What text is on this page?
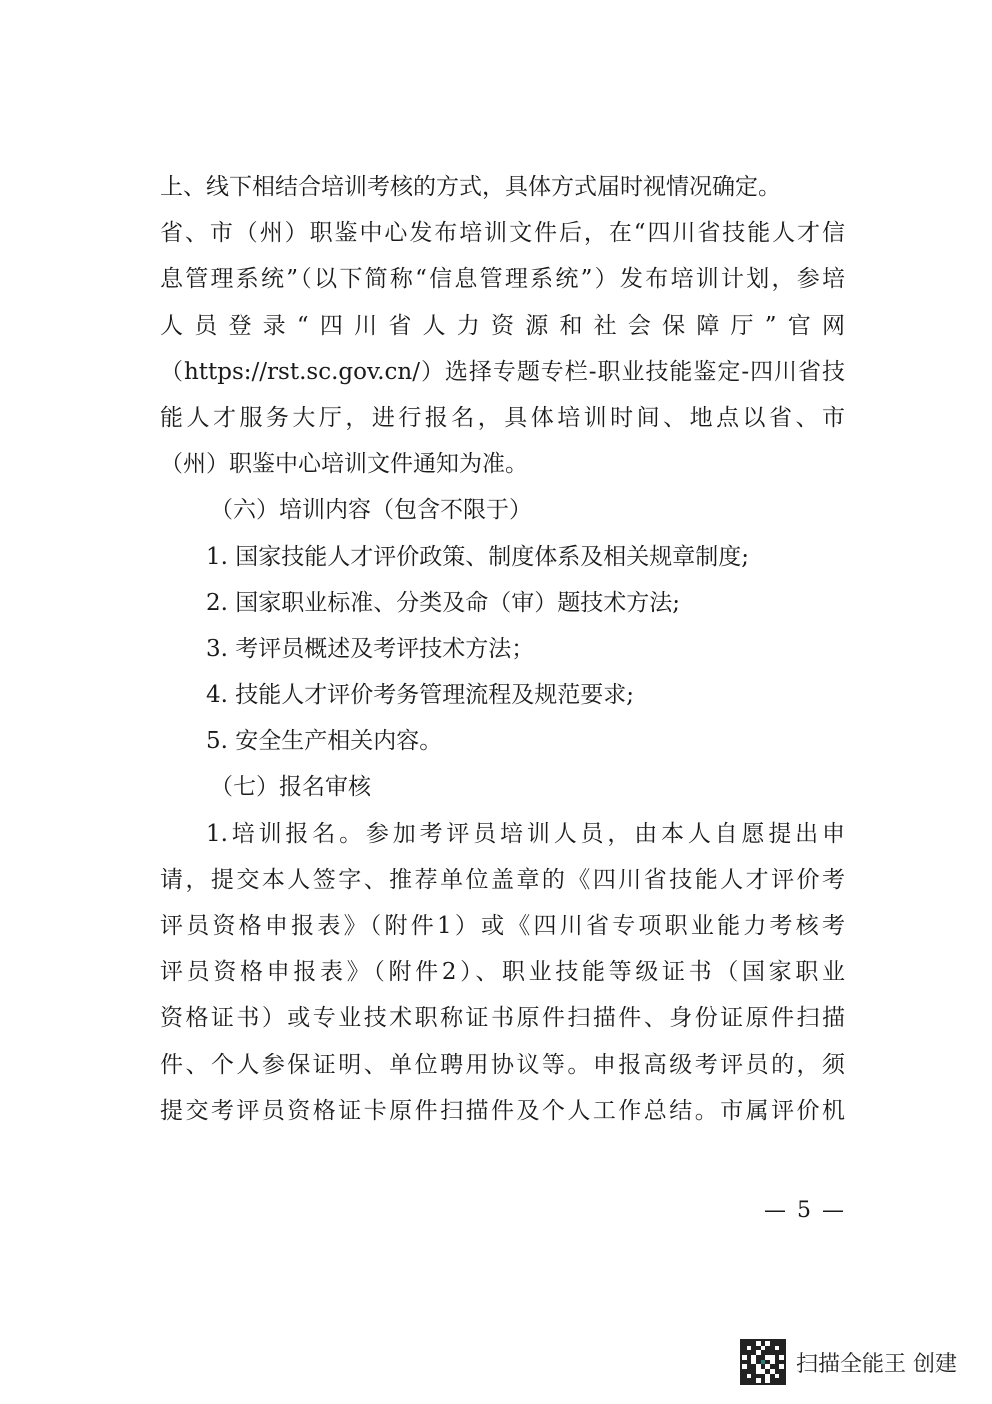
上、线下相结合培训考核的方式，具体方式届时视情况确定。
省、市（州）职鉴中心发布培训文件后，在“四川省技能人才信
息管理系统”（以下简称“信息管理系统”）发布培训计划，参培
人员登录“四川省人力资源和社会保障厅”官网
（https://rst.sc.gov.cn/）选择专题专栏-职业技能鉴定-四川省技
能人才服务大厅，进行报名，具体培训时间、地点以省、市
（州）职鉴中心培训文件通知为准。
（六）培训内容（包含不限于）
1. 国家技能人才评价政策、制度体系及相关规章制度;
2. 国家职业标准、分类及命（审）题技术方法;
3. 考评员概述及考评技术方法；
4. 技能人才评价考务管理流程及规范要求;
5. 安全生产相关内容。
（七）报名审核
1.培训报名。参加考评员培训人员，由本人自愿提出申
请，提交本人签字、推荐单位盖章的《四川省技能人才评价考
评员资格申报表》（附件1）或《四川省专项职业能力考核考
评员资格申报表》（附件2）、职业技能等级证书（国家职业
资格证书）或专业技术职称证书原件扫描件、身份证原件扫描
件、个人参保证明、单位聘用协议等。申报高级考评员的，须
提交考评员资格证卡原件扫描件及个人工作总结。市属评价机
— 5 —
扫描全能王 创建
